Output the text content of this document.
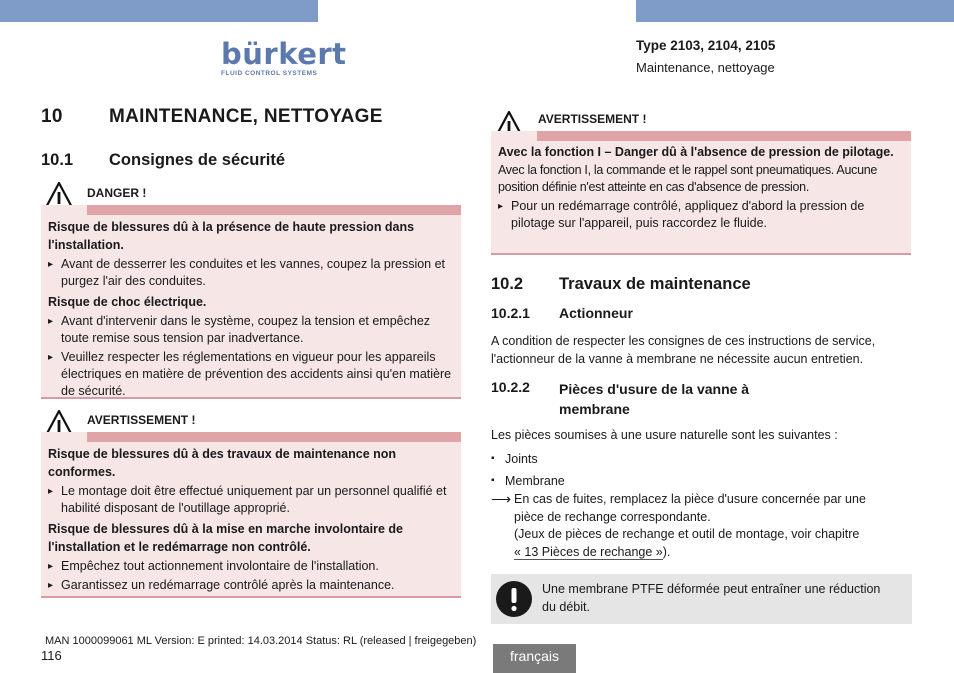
bürkert
FLUID CONTROL SYSTEMS
Type 2103, 2104, 2105
Maintenance, nettoyage
10 MAINTENANCE, NETTOYAGE
10.1 Consignes de sécurité
DANGER !

Risque de blessures dû à la présence de haute pression dans l'installation.

▸ Avant de desserrer les conduites et les vannes, coupez la pression et purgez l'air des conduites.

Risque de choc électrique.

▸ Avant d'intervenir dans le système, coupez la tension et empêchez toute remise sous tension par inadvertance.

▸ Veuillez respecter les réglementations en vigueur pour les appareils électriques en matière de prévention des accidents ainsi qu'en matière de sécurité.

AVERTISSEMENT !

Risque de blessures dû à des travaux de maintenance non conformes.

▸ Le montage doit être effectué uniquement par un personnel qualifié et habilité disposant de l'outillage approprié.

Risque de blessures dû à la mise en marche involontaire de l'installation et le redémarrage non contrôlé.

▸ Empêchez tout actionnement involontaire de l'installation.

▸ Garantissez un redémarrage contrôlé après la maintenance.

AVERTISSEMENT !

Avec la fonction I – Danger dû à l'absence de pression de pilotage.

Avec la fonction I, la commande et le rappel sont pneumatiques. Aucune position définie n'est atteinte en cas d'absence de pression.

▸ Pour un redémarrage contrôlé, appliquez d'abord la pression de pilotage sur l'appareil, puis raccordez le fluide.

10.2 Travaux de maintenance
10.2.1 Actionneur
A condition de respecter les consignes de ces instructions de service, l'actionneur de la vanne à membrane ne nécessite aucun entretien.
10.2.2 Pièces d'usure de la vanne à
membrane
Les pièces soumises à une usure naturelle sont les suivantes :
▪ Joints
▪ Membrane
⟶ En cas de fuites, remplacez la pièce d'usure concernée par une
pièce de rechange correspondante.
(Jeux de pièces de rechange et outil de montage, voir chapitre
« 13 Pièces de rechange »).
Une membrane PTFE déformée peut entraîner une réduction du débit.
MAN 1000099061 ML Version: E printed: 14.03.2014 Status: RL (released | freigegeben)
116	français
